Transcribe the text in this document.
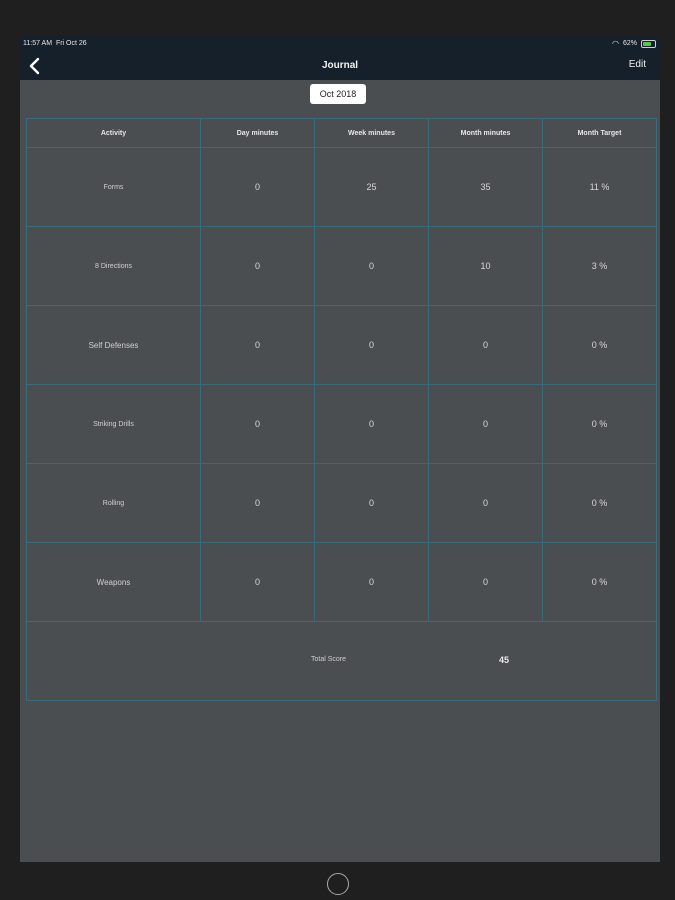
11:57 AM Fri Oct 26	◠ 62%
Journal	Edit
Oct 2018
Activity	Day minutes	Week minutes	Month minutes	Month Target
Forms	0	25	35	11 %
8 Directions	0	0	10	3 %
Self Defenses	0	0	0	0 %
Striking Drills	0	0	0	0 %
Rolling	0	0	0	0 %
Weapons	0	0	0	0 %

Total Score 45				
